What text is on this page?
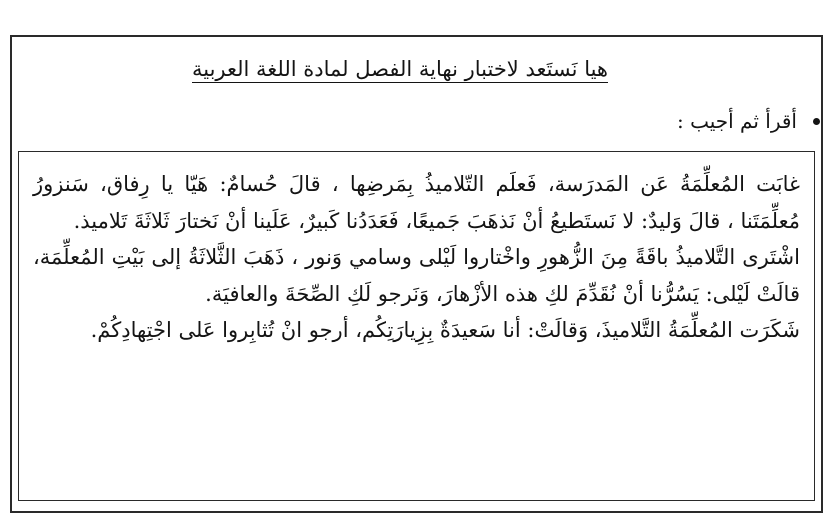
هيا نَستَعد لاختبار نهاية الفصل لمادة اللغة العربية
أقرأ ثم أجيب :

غابَت المُعلِّمَةُ عَن المَدرَسة، فَعلَم التّلاميذُ بِمَرضِها ، قالَ حُسامٌ: هَيّا يا رِفاق، سَنزورُ مُعلِّمَتَنا ، قالَ وَليدٌ: لا نَستَطيعُ أنْ نَذهَبَ جَميعًا، فَعَدَدُنا كَبيرٌ، عَلَينا أنْ نَختارَ ثَلاثَةَ تَلاميذ.

اشْتَرى التَّلاميذُ باقَةً مِنَ الزُّهورِ واخْتاروا لَيْلى وسامي وَنور ، ذَهَبَ الثَّلاثَةُ إلى بَيْتِ المُعلِّمَة، قالَتْ لَيْلى: يَسُرُّنا أنْ نُقَدِّمَ لكِ هذه الأزْهارَ، وَنَرجو لَكِ الصِّحَةَ والعافيَة.

شَكَرَت المُعلِّمَةُ التَّلاميذَ، وَقالَتْ: أنا سَعيدَةٌ بِزِيارَتِكُم، أرجو انْ تُثابِروا عَلى اجْتِهادِكُمْ.
